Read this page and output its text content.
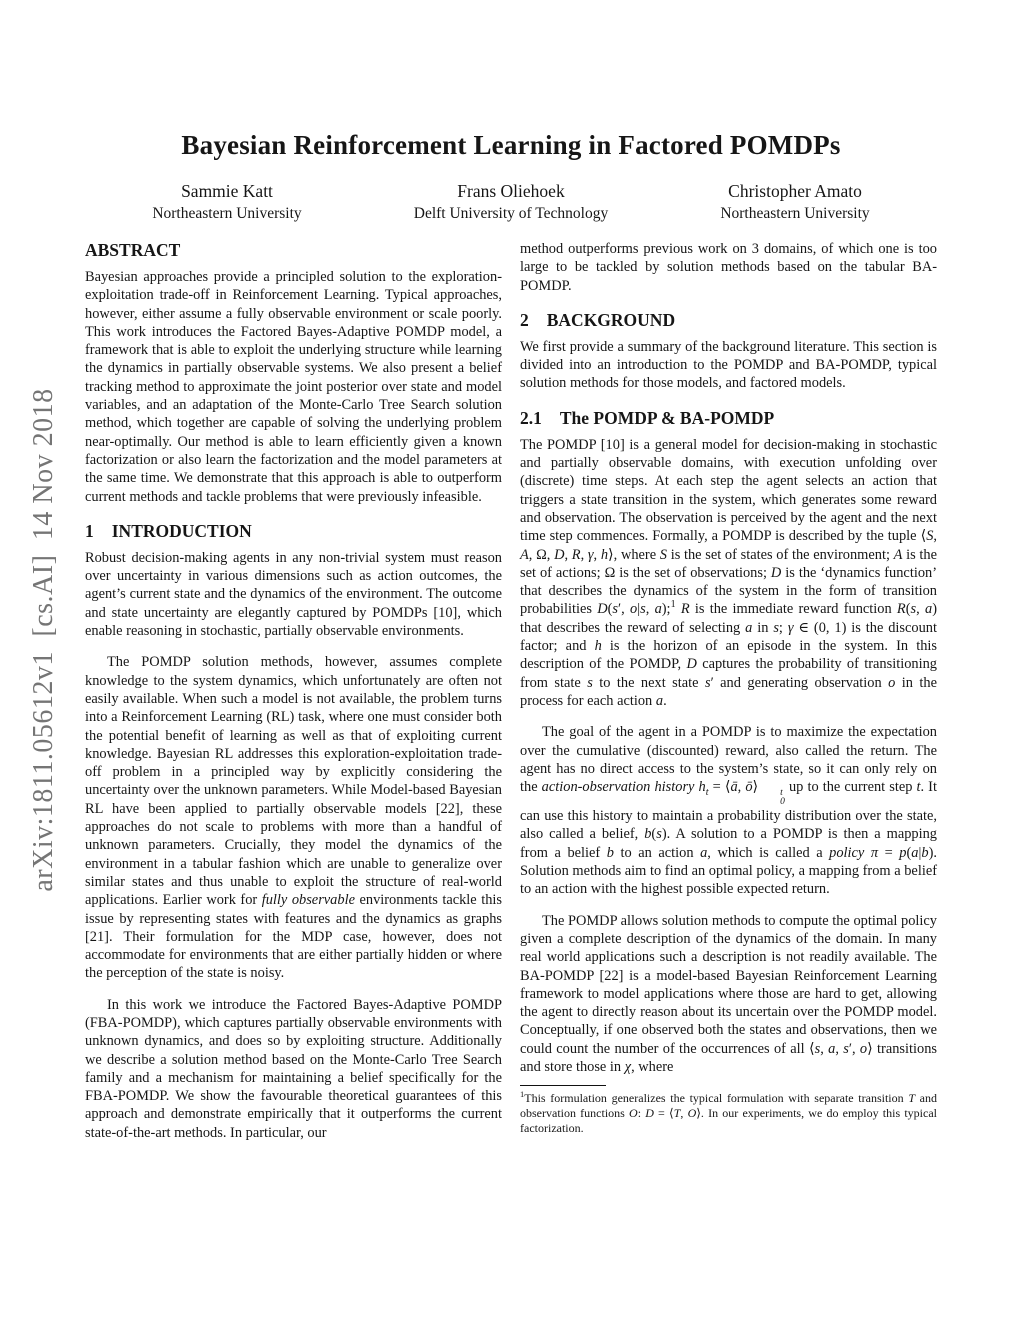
arXiv:1811.05612v1 [cs.AI] 14 Nov 2018
Bayesian Reinforcement Learning in Factored POMDPs
Sammie Katt
Northeastern University
Frans Oliehoek
Delft University of Technology
Christopher Amato
Northeastern University
ABSTRACT

Bayesian approaches provide a principled solution to the exploration-exploitation trade-off in Reinforcement Learning. Typical approaches, however, either assume a fully observable environment or scale poorly. This work introduces the Factored Bayes-Adaptive POMDP model, a framework that is able to exploit the underlying structure while learning the dynamics in partially observable systems. We also present a belief tracking method to approximate the joint posterior over state and model variables, and an adaptation of the Monte-Carlo Tree Search solution method, which together are capable of solving the underlying problem near-optimally. Our method is able to learn efficiently given a known factorization or also learn the factorization and the model parameters at the same time. We demonstrate that this approach is able to outperform current methods and tackle problems that were previously infeasible.

1 INTRODUCTION

Robust decision-making agents in any non-trivial system must reason over uncertainty in various dimensions such as action outcomes, the agent’s current state and the dynamics of the environment. The outcome and state uncertainty are elegantly captured by POMDPs [10], which enable reasoning in stochastic, partially observable environments.

The POMDP solution methods, however, assumes complete knowledge to the system dynamics, which unfortunately are often not easily available. When such a model is not available, the problem turns into a Reinforcement Learning (RL) task, where one must consider both the potential benefit of learning as well as that of exploiting current knowledge. Bayesian RL addresses this exploration-exploitation trade-off problem in a principled way by explicitly considering the uncertainty over the unknown parameters. While Model-based Bayesian RL have been applied to partially observable models [22], these approaches do not scale to problems with more than a handful of unknown parameters. Crucially, they model the dynamics of the environment in a tabular fashion which are unable to generalize over similar states and thus unable to exploit the structure of real-world applications. Earlier work for fully observable environments tackle this issue by representing states with features and the dynamics as graphs [21]. Their formulation for the MDP case, however, does not accommodate for environments that are either partially hidden or where the perception of the state is noisy.

In this work we introduce the Factored Bayes-Adaptive POMDP (FBA-POMDP), which captures partially observable environments with unknown dynamics, and does so by exploiting structure. Additionally we describe a solution method based on the Monte-Carlo Tree Search family and a mechanism for maintaining a belief specifically for the FBA-POMDP. We show the favourable theoretical guarantees of this approach and demonstrate empirically that it outperforms the current state-of-the-art methods. In particular, our

method outperforms previous work on 3 domains, of which one is too large to be tackled by solution methods based on the tabular BA-POMDP.

2 BACKGROUND

We first provide a summary of the background literature. This section is divided into an introduction to the POMDP and BA-POMDP, typical solution methods for those models, and factored models.

2.1 The POMDP & BA-POMDP

The POMDP [10] is a general model for decision-making in stochastic and partially observable domains, with execution unfolding over (discrete) time steps. At each step the agent selects an action that triggers a state transition in the system, which generates some reward and observation. The observation is perceived by the agent and the next time step commences. Formally, a POMDP is described by the tuple ⟨S, A, Ω, D, R, γ, h⟩, where S is the set of states of the environment; A is the set of actions; Ω is the set of observations; D is the ‘dynamics function’ that describes the dynamics of the system in the form of transition probabilities D(s′, o|s, a);$^1$ R is the immediate reward function R(s, a) that describes the reward of selecting a in s; γ ∈ (0, 1) is the discount factor; and h is the horizon of an episode in the system. In this description of the POMDP, D captures the probability of transitioning from state s to the next state s′ and generating observation o in the process for each action a.

The goal of the agent in a POMDP is to maximize the expectation over the cumulative (discounted) reward, also called the return. The agent has no direct access to the system’s state, so it can only rely on the action-observation history $h_t$ = ⟨ā, ō⟩	t
0
up to the current step t. It can use this history to maintain a probability distribution over the state, also called a belief, b(s). A solution to a POMDP is then a mapping from a belief b to an action a, which is called a policy π = p(a|b). Solution methods aim to find an optimal policy, a mapping from a belief to an action with the highest possible expected return.

The POMDP allows solution methods to compute the optimal policy given a complete description of the dynamics of the domain. In many real world applications such a description is not readily available. The BA-POMDP [22] is a model-based Bayesian Reinforcement Learning framework to model applications where those are hard to get, allowing the agent to directly reason about its uncertain over the POMDP model. Conceptually, if one observed both the states and observations, then we could count the number of the occurrences of all ⟨s, a, s′, o⟩ transitions and store those in χ, where

$^1$This formulation generalizes the typical formulation with separate transition T and observation functions O: D = ⟨T, O⟩. In our experiments, we do employ this typical factorization.
